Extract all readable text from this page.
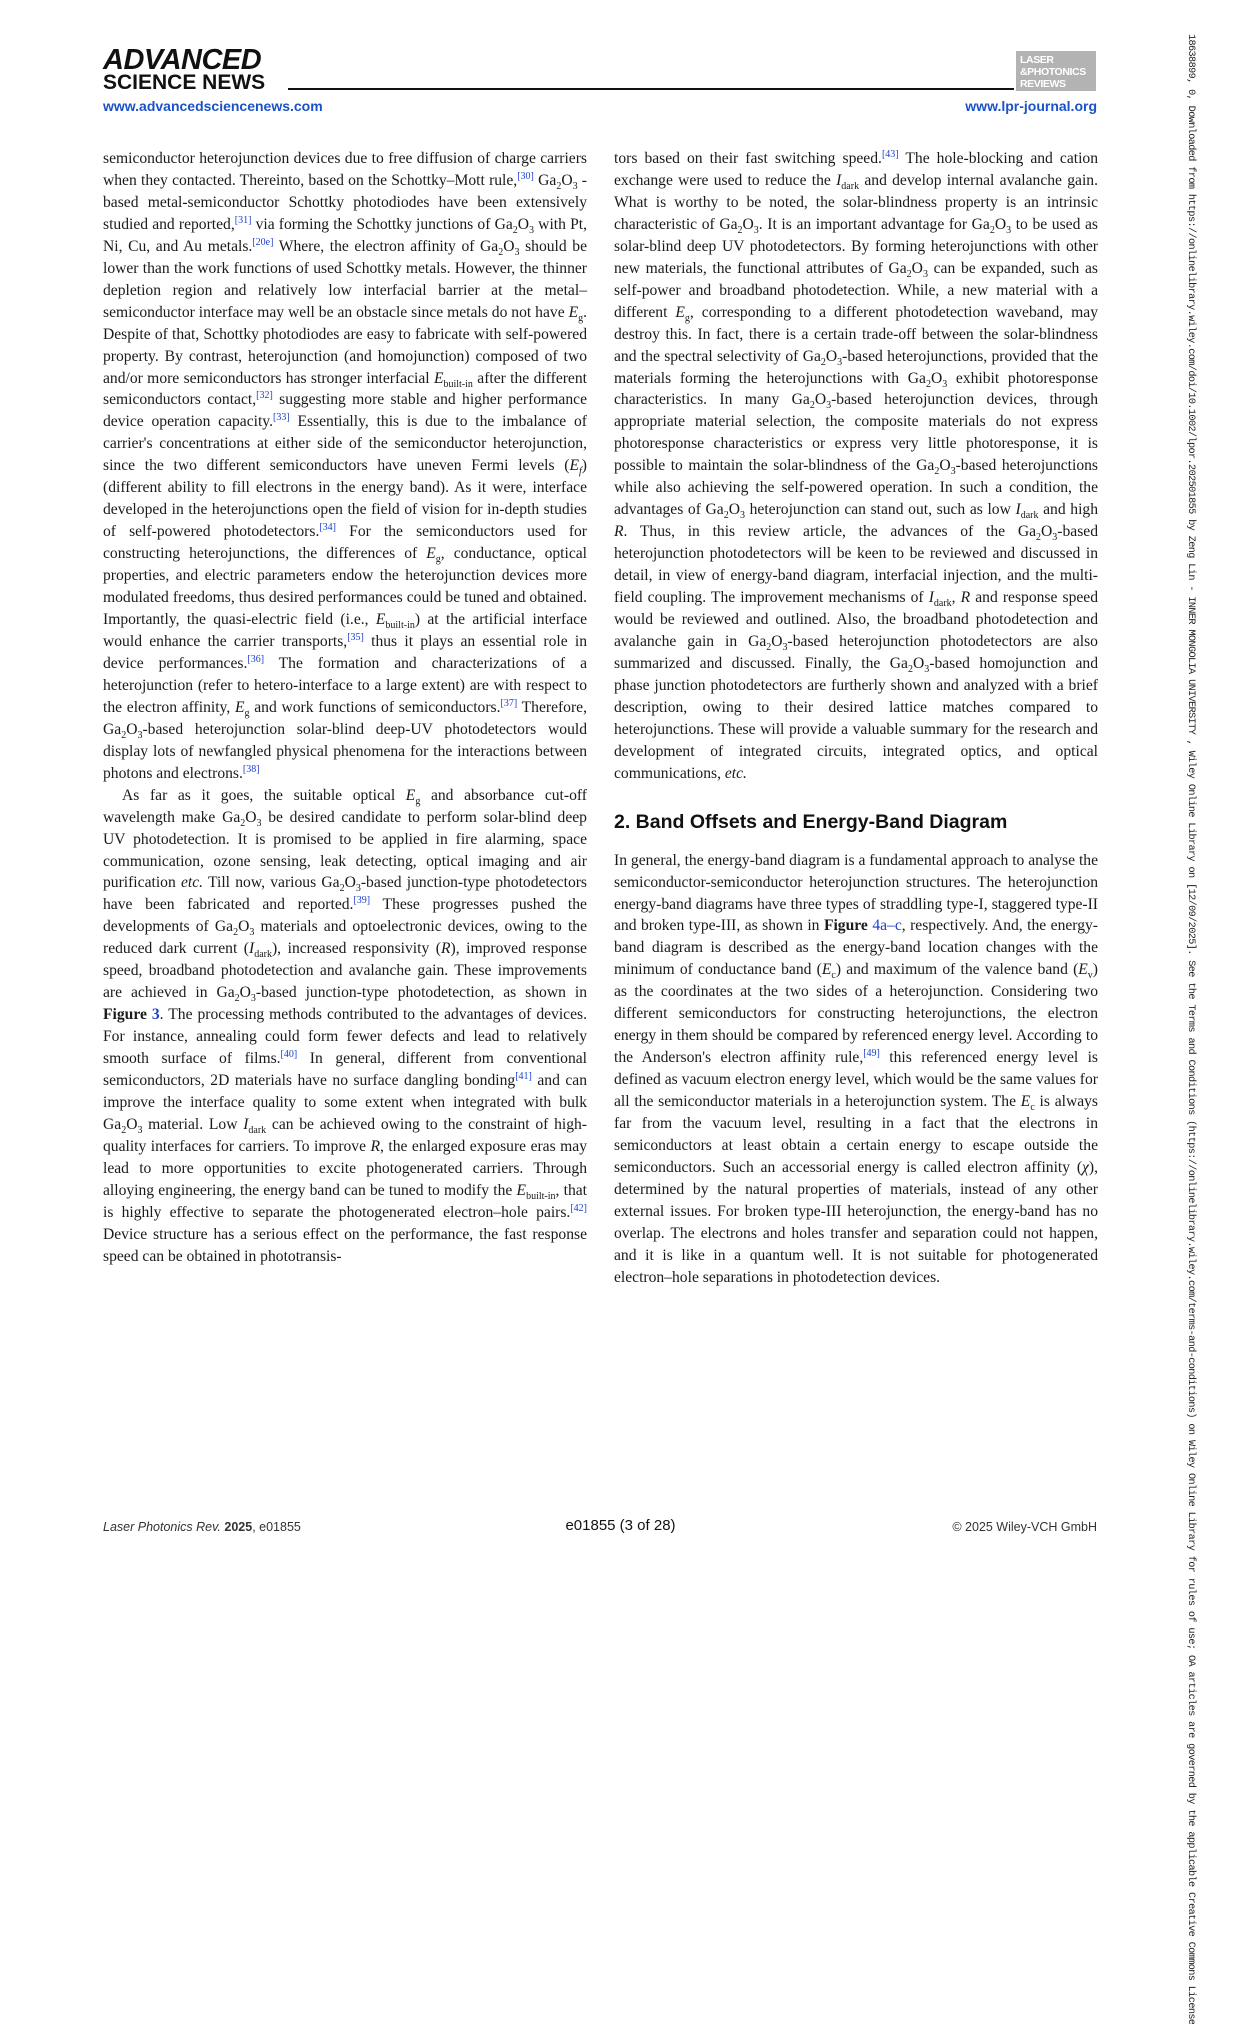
ADVANCED
SCIENCE NEWS
LASER
&PHOTONICS
REVIEWS
www.advancedsciencenews.com	www.lpr-journal.org	18638899, 0, Downloaded from https://onlinelibrary.wiley.com/doi/10.1002/lpor.202501855 by Zeng Lin - INNER MONGOLIA UNIVERSITY , Wiley Online Library on [12/09/2025]. See the Terms and Conditions (https://onlinelibrary.wiley.com/terms-and-conditions) on Wiley Online Library for rules of use; OA articles are governed by the applicable Creative Commons License

semiconductor heterojunction devices due to free diffusion of charge carriers when they contacted. Thereinto, based on the Schottky–Mott rule,[30] $Ga_2O_3$ -based metal-semiconductor Schottky photodiodes have been extensively studied and reported,[31] via forming the Schottky junctions of $Ga_2O_3$ with Pt, Ni, Cu, and Au metals.[20e] Where, the electron affinity of $Ga_2O_3$ should be lower than the work functions of used Schottky metals. However, the thinner depletion region and relatively low interfacial barrier at the metal–semiconductor interface may well be an obstacle since metals do not have $E_g$. Despite of that, Schottky photodiodes are easy to fabricate with self-powered property. By contrast, heterojunction (and homojunction) composed of two and/or more semiconductors has stronger interfacial $E_{built-in}$ after the different semiconductors contact,[32] suggesting more stable and higher performance device operation capacity.[33] Essentially, this is due to the imbalance of carrier's concentrations at either side of the semiconductor heterojunction, since the two different semiconductors have uneven Fermi levels $(E_f)$ (different ability to fill electrons in the energy band). As it were, interface developed in the heterojunctions open the field of vision for in-depth studies of self-powered photodetectors.[34] For the semiconductors used for constructing heterojunctions, the differences of $E_g$, conductance, optical properties, and electric parameters endow the heterojunction devices more modulated freedoms, thus desired performances could be tuned and obtained. Importantly, the quasi-electric field (i.e., $E_{built-in}$) at the artificial interface would enhance the carrier transports,[35] thus it plays an essential role in device performances.[36] The formation and characterizations of a heterojunction (refer to hetero-interface to a large extent) are with respect to the electron affinity, $E_g$ and work functions of semiconductors.[37] Therefore, $Ga_2O_3$-based heterojunction solar-blind deep-UV photodetectors would display lots of newfangled physical phenomena for the interactions between photons and electrons.[38]

As far as it goes, the suitable optical $E_g$ and absorbance cut-off wavelength make $Ga_2O_3$ be desired candidate to perform solar-blind deep UV photodetection. It is promised to be applied in fire alarming, space communication, ozone sensing, leak detecting, optical imaging and air purification etc. Till now, various $Ga_2O_3$-based junction-type photodetectors have been fabricated and reported.[39] These progresses pushed the developments of $Ga_2O_3$ materials and optoelectronic devices, owing to the reduced dark current $(I_{dark})$, increased responsivity (R), improved response speed, broadband photodetection and avalanche gain. These improvements are achieved in $Ga_2O_3$-based junction-type photodetection, as shown in Figure 3. The processing methods contributed to the advantages of devices. For instance, annealing could form fewer defects and lead to relatively smooth surface of films.[40] In general, different from conventional semiconductors, 2D materials have no surface dangling bonding[41] and can improve the interface quality to some extent when integrated with bulk $Ga_2O_3$ material. Low $I_{dark}$ can be achieved owing to the constraint of high-quality interfaces for carriers. To improve R, the enlarged exposure eras may lead to more opportunities to excite photogenerated carriers. Through alloying engineering, the energy band can be tuned to modify the $E_{built-in}$, that is highly effective to separate the photogenerated electron–hole pairs.[42] Device structure has a serious effect on the performance, the fast response speed can be obtained in phototransis-

tors based on their fast switching speed.[43] The hole-blocking and cation exchange were used to reduce the $I_{dark}$ and develop internal avalanche gain. What is worthy to be noted, the solar-blindness property is an intrinsic characteristic of $Ga_2O_3$. It is an important advantage for $Ga_2O_3$ to be used as solar-blind deep UV photodetectors. By forming heterojunctions with other new materials, the functional attributes of $Ga_2O_3$ can be expanded, such as self-power and broadband photodetection. While, a new material with a different $E_g$, corresponding to a different photodetection waveband, may destroy this. In fact, there is a certain trade-off between the solar-blindness and the spectral selectivity of $Ga_2O_3$-based heterojunctions, provided that the materials forming the heterojunctions with $Ga_2O_3$ exhibit photoresponse characteristics. In many $Ga_2O_3$-based heterojunction devices, through appropriate material selection, the composite materials do not express photoresponse characteristics or express very little photoresponse, it is possible to maintain the solar-blindness of the $Ga_2O_3$-based heterojunctions while also achieving the self-powered operation. In such a condition, the advantages of $Ga_2O_3$ heterojunction can stand out, such as low $I_{dark}$ and high R. Thus, in this review article, the advances of the $Ga_2O_3$-based heterojunction photodetectors will be keen to be reviewed and discussed in detail, in view of energy-band diagram, interfacial injection, and the multi-field coupling. The improvement mechanisms of $I_{dark}$, R and response speed would be reviewed and outlined. Also, the broadband photodetection and avalanche gain in $Ga_2O_3$-based heterojunction photodetectors are also summarized and discussed. Finally, the $Ga_2O_3$-based homojunction and phase junction photodetectors are furtherly shown and analyzed with a brief description, owing to their desired lattice matches compared to heterojunctions. These will provide a valuable summary for the research and development of integrated circuits, integrated optics, and optical communications, etc.

2. Band Offsets and Energy-Band Diagram

In general, the energy-band diagram is a fundamental approach to analyse the semiconductor-semiconductor heterojunction structures. The heterojunction energy-band diagrams have three types of straddling type-I, staggered type-II and broken type-III, as shown in Figure 4a–c, respectively. And, the energy-band diagram is described as the energy-band location changes with the minimum of conductance band $(E_c)$ and maximum of the valence band $(E_v)$ as the coordinates at the two sides of a heterojunction. Considering two different semiconductors for constructing heterojunctions, the electron energy in them should be compared by referenced energy level. According to the Anderson's electron affinity rule,[49] this referenced energy level is defined as vacuum electron energy level, which would be the same values for all the semiconductor materials in a heterojunction system. The $E_c$ is always far from the vacuum level, resulting in a fact that the electrons in semiconductors at least obtain a certain energy to escape outside the semiconductors. Such an accessorial energy is called electron affinity (χ), determined by the natural properties of materials, instead of any other external issues. For broken type-III heterojunction, the energy-band has no overlap. The electrons and holes transfer and separation could not happen, and it is like in a quantum well. It is not suitable for photogenerated electron–hole separations in photodetection devices.

Laser Photonics Rev. 2025, e01855	e01855 (3 of 28)	© 2025 Wiley-VCH GmbH
